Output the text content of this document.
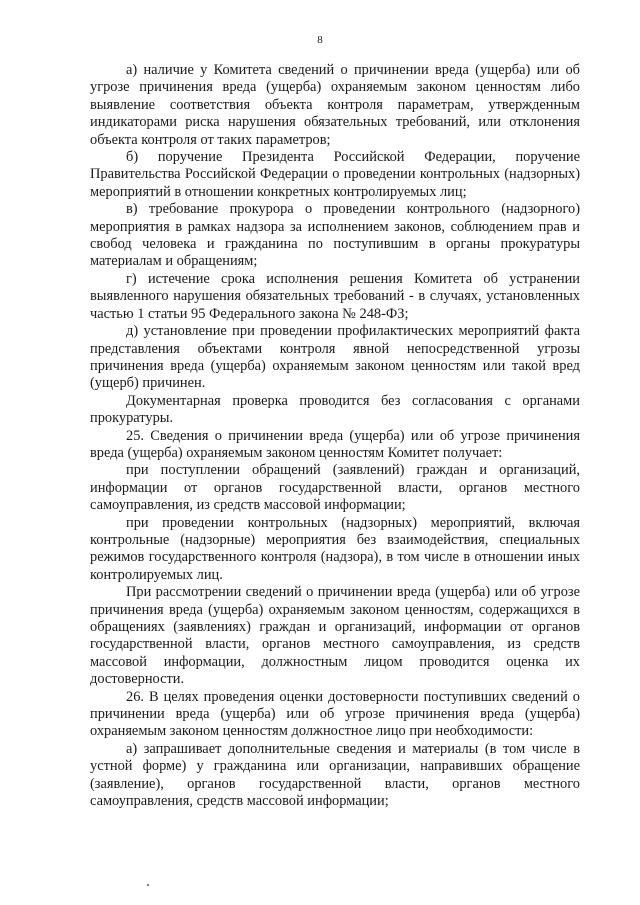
8

а) наличие у Комитета сведений о причинении вреда (ущерба) или об угрозе причинения вреда (ущерба) охраняемым законом ценностям либо выявление соответствия объекта контроля параметрам, утвержденным индикаторами риска нарушения обязательных требований, или отклонения объекта контроля от таких параметров;

б) поручение Президента Российской Федерации, поручение Правительства Российской Федерации о проведении контрольных (надзорных) мероприятий в отношении конкретных контролируемых лиц;

в) требование прокурора о проведении контрольного (надзорного) мероприятия в рамках надзора за исполнением законов, соблюдением прав и свобод человека и гражданина по поступившим в органы прокуратуры материалам и обращениям;

г) истечение срока исполнения решения Комитета об устранении выявленного нарушения обязательных требований - в случаях, установленных частью 1 статьи 95 Федерального закона № 248-ФЗ;

д) установление при проведении профилактических мероприятий факта представления объектами контроля явной непосредственной угрозы причинения вреда (ущерба) охраняемым законом ценностям или такой вред (ущерб) причинен.

Документарная проверка проводится без согласования с органами прокуратуры.

25. Сведения о причинении вреда (ущерба) или об угрозе причинения вреда (ущерба) охраняемым законом ценностям Комитет получает:

при поступлении обращений (заявлений) граждан и организаций, информации от органов государственной власти, органов местного самоуправления, из средств массовой информации;

при проведении контрольных (надзорных) мероприятий, включая контрольные (надзорные) мероприятия без взаимодействия, специальных режимов государственного контроля (надзора), в том числе в отношении иных контролируемых лиц.

При рассмотрении сведений о причинении вреда (ущерба) или об угрозе причинения вреда (ущерба) охраняемым законом ценностям, содержащихся в обращениях (заявлениях) граждан и организаций, информации от органов государственной власти, органов местного самоуправления, из средств массовой информации, должностным лицом проводится оценка их достоверности.

26. В целях проведения оценки достоверности поступивших сведений о причинении вреда (ущерба) или об угрозе причинения вреда (ущерба) охраняемым законом ценностям должностное лицо при необходимости:

а) запрашивает дополнительные сведения и материалы (в том числе в устной форме) у гражданина или организации, направивших обращение (заявление), органов государственной власти, органов местного самоуправления, средств массовой информации;
